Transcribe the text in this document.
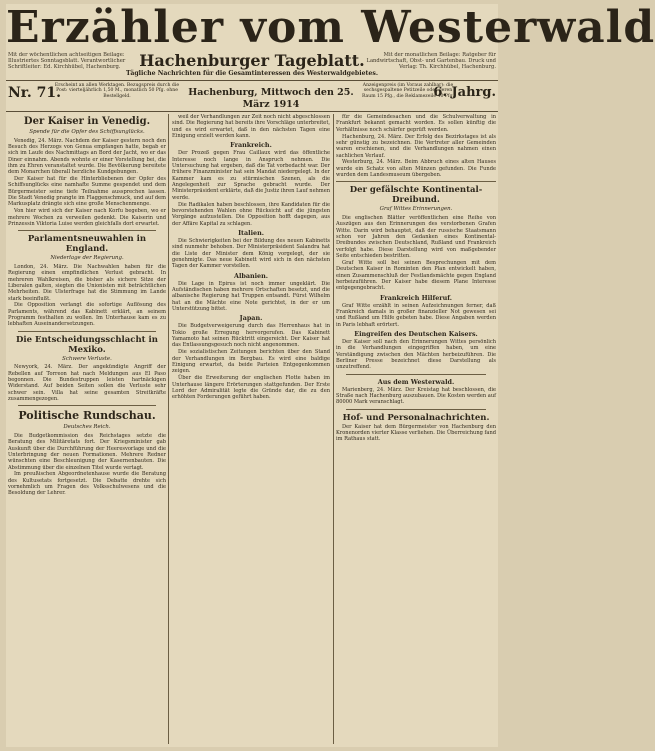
Erzähler vom Westerwald
Mit der wöchentlichen achtseitigen Beilage: Illustriertes Sonntagsblatt. Verantwortlicher Schriftleiter: Ed. Kirchhübel, Hachenburg.	Hachenburger Tageblatt.	Mit der monatlichen Beilage: Ratgeber für Landwirtschaft, Obst- und Gartenbau. Druck und Verlag: Th. Kirchhübel, Hachenburg.
Tägliche Nachrichten für die Gesamtinteressen des Westerwaldgebietes.
Nr. 71.
Erscheint an allen Werktagen. Bezugspreis durch die Post: vierteljährlich 1,50 M., monatlich 50 Pfg. ohne Bestellgeld.	Hachenburg, Mittwoch den 25. März 1914
Anzeigenpreis (im Voraus zahlbar): die sechsgespaltene Petitzeile oder deren Raum 15 Pfg., die Reklamezeile 40 Pfg.
6. Jahrg.
Der Kaiser in Venedig.
Spende für die Opfer des Schiffsunglücks.
Venedig, 24. März. Nachdem der Kaiser gestern noch den Besuch des Herzogs von Genua empfangen hatte, begab er sich im Laufe des Nachmittags an Bord der Jacht, wo er das Diner einnahm. Abends wohnte er einer Vorstellung bei, die ihm zu Ehren veranstaltet wurde. Die Bevölkerung bereitete dem Monarchen überall herzliche Kundgebungen.
Der Kaiser hat für die Hinterbliebenen der Opfer des Schiffsunglücks eine namhafte Summe gespendet und dem Bürgermeister seine tiefe Teilnahme aussprechen lassen. Die Stadt Venedig prangte im Flaggenschmuck, und auf dem Markusplatz drängte sich eine große Menschenmenge.
Von hier wird sich der Kaiser nach Korfu begeben, wo er mehrere Wochen zu verweilen gedenkt. Die Kaiserin und Prinzessin Viktoria Luise werden gleichfalls dort erwartet.
Parlamentsneuwahlen in England.
Niederlage der Regierung.
London, 24. März. Die Nachwahlen haben für die Regierung einen empfindlichen Verlust gebracht. In mehreren Wahlkreisen, die bisher als sichere Sitze der Liberalen galten, siegten die Unionisten mit beträchtlichen Mehrheiten. Die Ulsterfrage hat die Stimmung im Lande stark beeinflußt.
Die Opposition verlangt die sofortige Auflösung des Parlaments, während das Kabinett erklärt, an seinem Programm festhalten zu wollen. Im Unterhause kam es zu lebhaften Auseinandersetzungen.
Die Entscheidungsschlacht in Mexiko.
Schwere Verluste.
Newyork, 24. März. Der angekündigte Angriff der Rebellen auf Torreon hat nach Meldungen aus El Paso begonnen. Die Bundestruppen leisten hartnäckigen Widerstand. Auf beiden Seiten sollen die Verluste sehr schwer sein. Villa hat seine gesamten Streitkräfte zusammengezogen.
Politische Rundschau.
Deutsches Reich.
Die Budgetkommission des Reichstages setzte die Beratung des Militäretats fort. Der Kriegsminister gab Auskunft über die Durchführung der Heeresvorlage und die Unterbringung der neuen Formationen. Mehrere Redner wünschten eine Beschleunigung der Kasernenbauten. Die Abstimmung über die einzelnen Titel wurde vertagt.
Im preußischen Abgeordnetenhause wurde die Beratung des Kultusetats fortgesetzt. Die Debatte drehte sich vornehmlich um Fragen des Volksschulwesens und die Besoldung der Lehrer.
weil der Verhandlungen zur Zeit noch nicht abgeschlossen sind. Die Regierung hat bereits ihre Vorschläge unterbreitet, und es wird erwartet, daß in den nächsten Tagen eine Einigung erzielt werden kann.
Frankreich.
Der Prozeß gegen Frau Caillaux wird das öffentliche Interesse noch lange in Anspruch nehmen. Die Untersuchung hat ergeben, daß die Tat vorbedacht war. Der frühere Finanzminister hat sein Mandat niedergelegt. In der Kammer kam es zu stürmischen Szenen, als die Angelegenheit zur Sprache gebracht wurde. Der Ministerpräsident erklärte, daß die Justiz ihren Lauf nehmen werde.
Die Radikalen haben beschlossen, ihre Kandidaten für die bevorstehenden Wahlen ohne Rücksicht auf die jüngsten Vorgänge aufzustellen. Die Opposition hofft dagegen, aus der Affäre Kapital zu schlagen.
Italien.
Die Schwierigkeiten bei der Bildung des neuen Kabinetts sind nunmehr behoben. Der Ministerpräsident Salandra hat die Liste der Minister dem König vorgelegt, der sie genehmigte. Das neue Kabinett wird sich in den nächsten Tagen der Kammer vorstellen.
Albanien.
Die Lage in Epirus ist noch immer ungeklärt. Die Aufständischen haben mehrere Ortschaften besetzt, und die albanische Regierung hat Truppen entsandt. Fürst Wilhelm hat an die Mächte eine Note gerichtet, in der er um Unterstützung bittet.
Japan.
Die Budgetverweigerung durch das Herrenhaus hat in Tokio große Erregung hervorgerufen. Das Kabinett Yamamoto hat seinen Rücktritt eingereicht. Der Kaiser hat das Entlassungsgesuch noch nicht angenommen.
Die sozialistischen Zeitungen berichten über den Stand der Verhandlungen im Bergbau. Es wird eine baldige Einigung erwartet, da beide Parteien Entgegenkommen zeigen.
Über die Erweiterung der englischen Flotte haben im Unterhause längere Erörterungen stattgefunden. Der Erste Lord der Admiralität legte die Gründe dar, die zu den erhöhten Forderungen geführt haben.
für die Gemeindesachen und die Schulverwaltung in Frankfurt bekannt gemacht worden. Es sollen künftig die Verhältnisse noch schärfer geprüft werden.
Hachenburg, 24. März. Der Erfolg des Bezirkstages ist als sehr günstig zu bezeichnen. Die Vertreter aller Gemeinden waren erschienen, und die Verhandlungen nahmen einen sachlichen Verlauf.
Westerburg, 24. März. Beim Abbruch eines alten Hauses wurde ein Schatz von alten Münzen gefunden. Die Funde wurden dem Landesmuseum übergeben.
Der gefälschte Kontinental-Dreibund.
Graf Wittes Erinnerungen.
Die englischen Blätter veröffentlichen eine Reihe von Auszügen aus den Erinnerungen des verstorbenen Grafen Witte. Darin wird behauptet, daß der russische Staatsmann schon vor Jahren den Gedanken eines Kontinental-Dreibundes zwischen Deutschland, Rußland und Frankreich verfolgt habe. Diese Darstellung wird von maßgebender Seite entschieden bestritten.
Graf Witte soll bei seinen Besprechungen mit dem Deutschen Kaiser in Rominten den Plan entwickelt haben, einen Zusammenschluß der Festlandsmächte gegen England herbeizuführen. Der Kaiser habe diesem Plane Interesse entgegengebracht.
Frankreich Hilferuf.
Graf Witte erzählt in seinen Aufzeichnungen ferner, daß Frankreich damals in großer finanzieller Not gewesen sei und Rußland um Hilfe gebeten habe. Diese Angaben werden in Paris lebhaft erörtert.
Eingreifen des Deutschen Kaisers.
Der Kaiser soll nach den Erinnerungen Wittes persönlich in die Verhandlungen eingegriffen haben, um eine Verständigung zwischen den Mächten herbeizuführen. Die Berliner Presse bezeichnet diese Darstellung als unzutreffend.
Aus dem Westerwald.
Marienberg, 24. März. Der Kreistag hat beschlossen, die Straße nach Hachenburg auszubauen. Die Kosten werden auf 80000 Mark veranschlagt.
Hof- und Personalnachrichten.
Der Kaiser hat dem Bürgermeister von Hachenburg den Kronenorden vierter Klasse verliehen. Die Überreichung fand im Rathaus statt.
